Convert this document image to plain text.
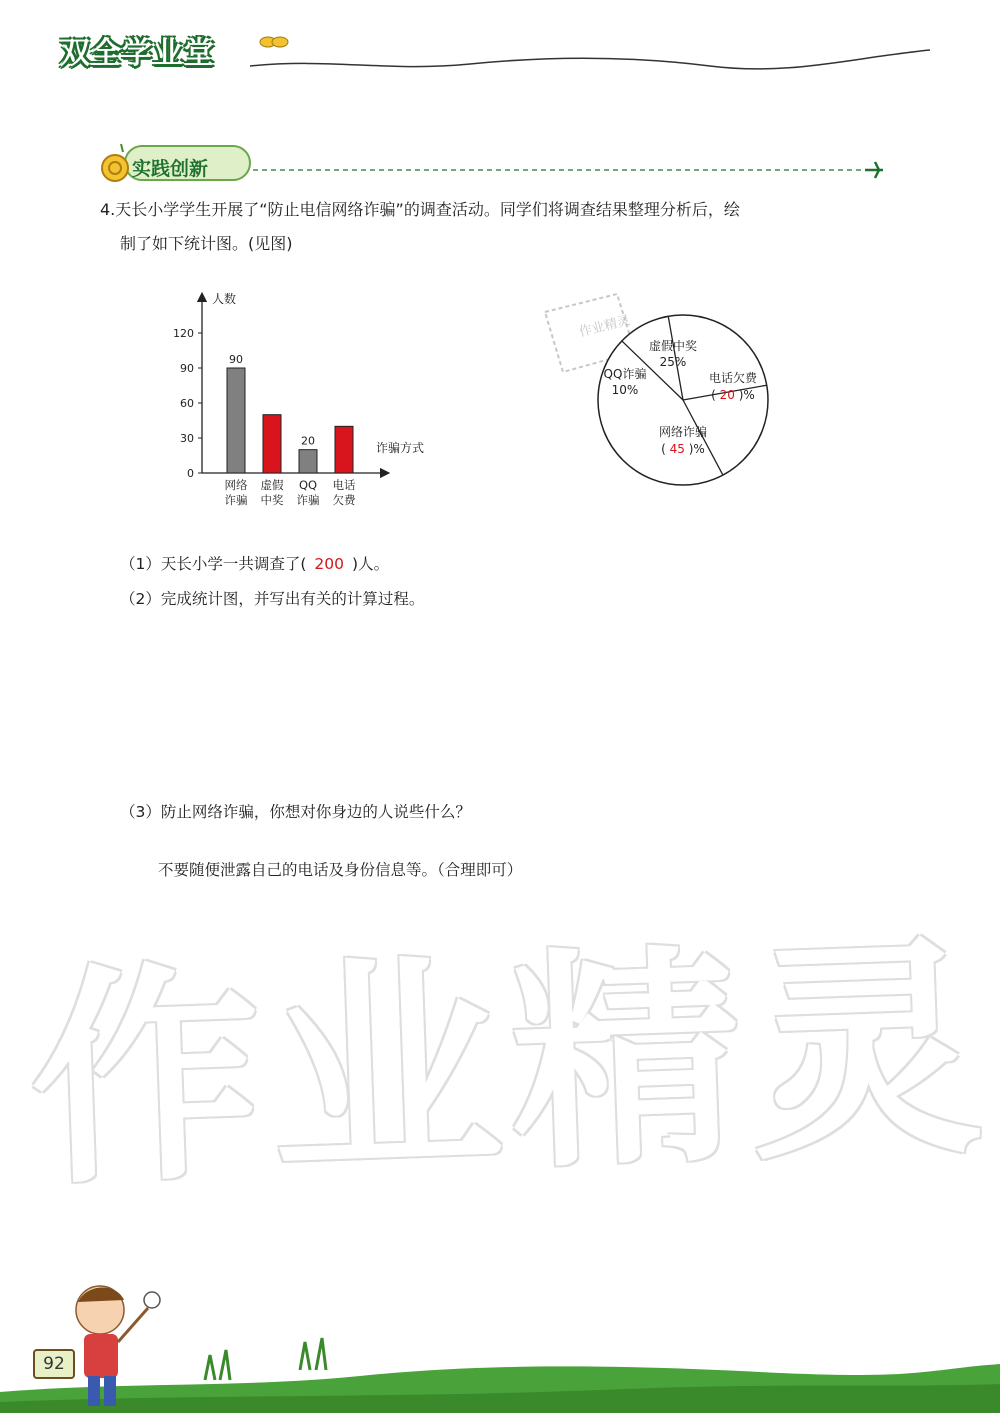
双全学业堂
实践创新
4.天长小学学生开展了“防止电信网络诈骗”的调查活动。同学们将调查结果整理分析后，绘
制了如下统计图。(见图)
人数
诈骗方式
0
30
60
90
120
90
网络
诈骗
虚假
中奖
20
QQ
诈骗
电话
欠费
作业精灵
虚假中奖
25%
电话欠费
( 20 )%
网络诈骗
( 45 )%
QQ诈骗
10%
（1）天长小学一共调查了( 200 )人。
（2）完成统计图，并写出有关的计算过程。
（3）防止网络诈骗，你想对你身边的人说些什么？
不要随便泄露自己的电话及身份信息等。（合理即可）
作业精灵
92
